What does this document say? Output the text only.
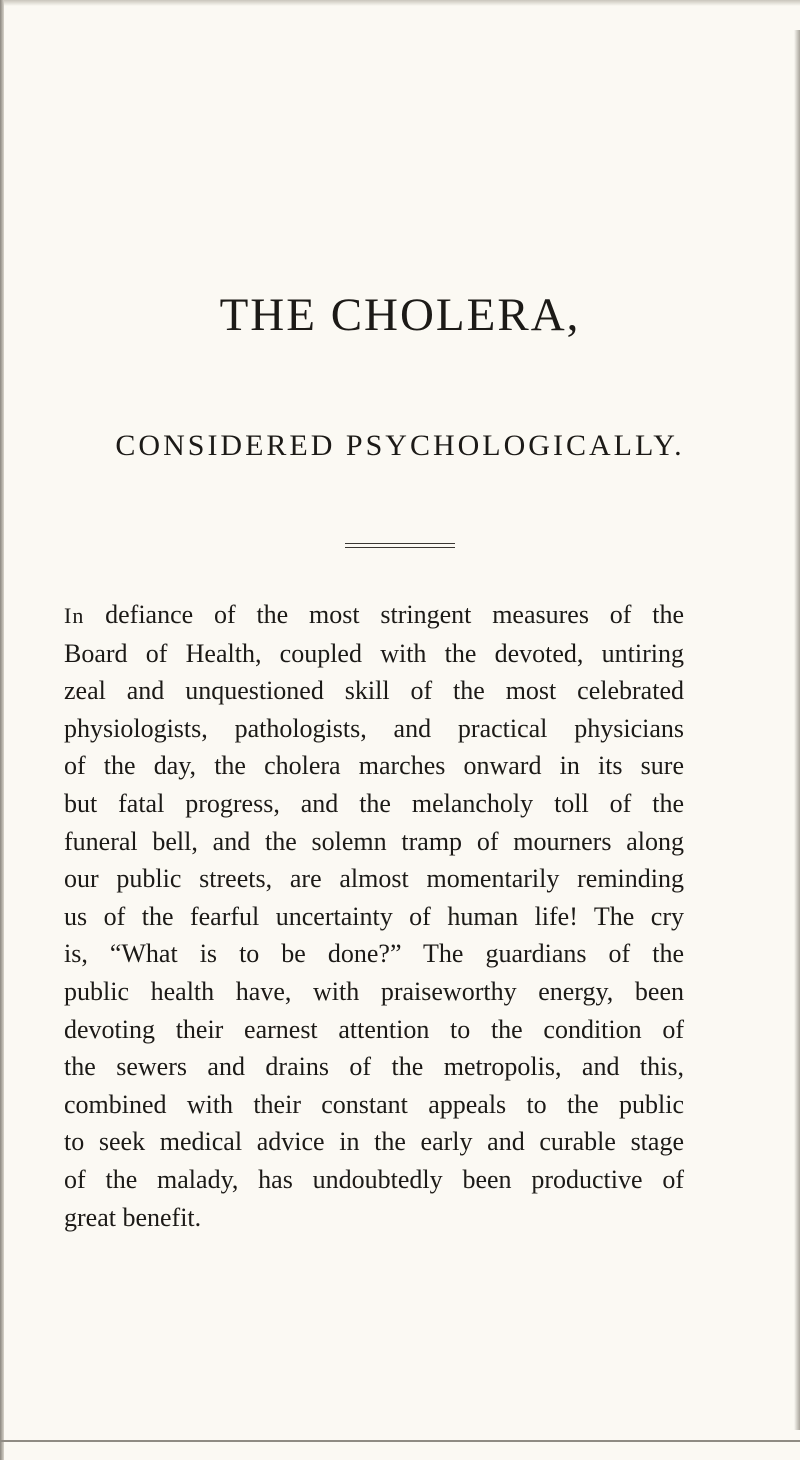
THE CHOLERA,
CONSIDERED PSYCHOLOGICALLY.
In defiance of the most stringent measures of the
Board of Health, coupled with the devoted, untiring
zeal and unquestioned skill of the most celebrated
physiologists, pathologists, and practical physicians
of the day, the cholera marches onward in its sure
but fatal progress, and the melancholy toll of the
funeral bell, and the solemn tramp of mourners along
our public streets, are almost momentarily reminding
us of the fearful uncertainty of human life! The cry
is, “What is to be done?” The guardians of the
public health have, with praiseworthy energy, been
devoting their earnest attention to the condition of
the sewers and drains of the metropolis, and this,
combined with their constant appeals to the public
to seek medical advice in the early and curable stage
of the malady, has undoubtedly been productive of
great benefit.
